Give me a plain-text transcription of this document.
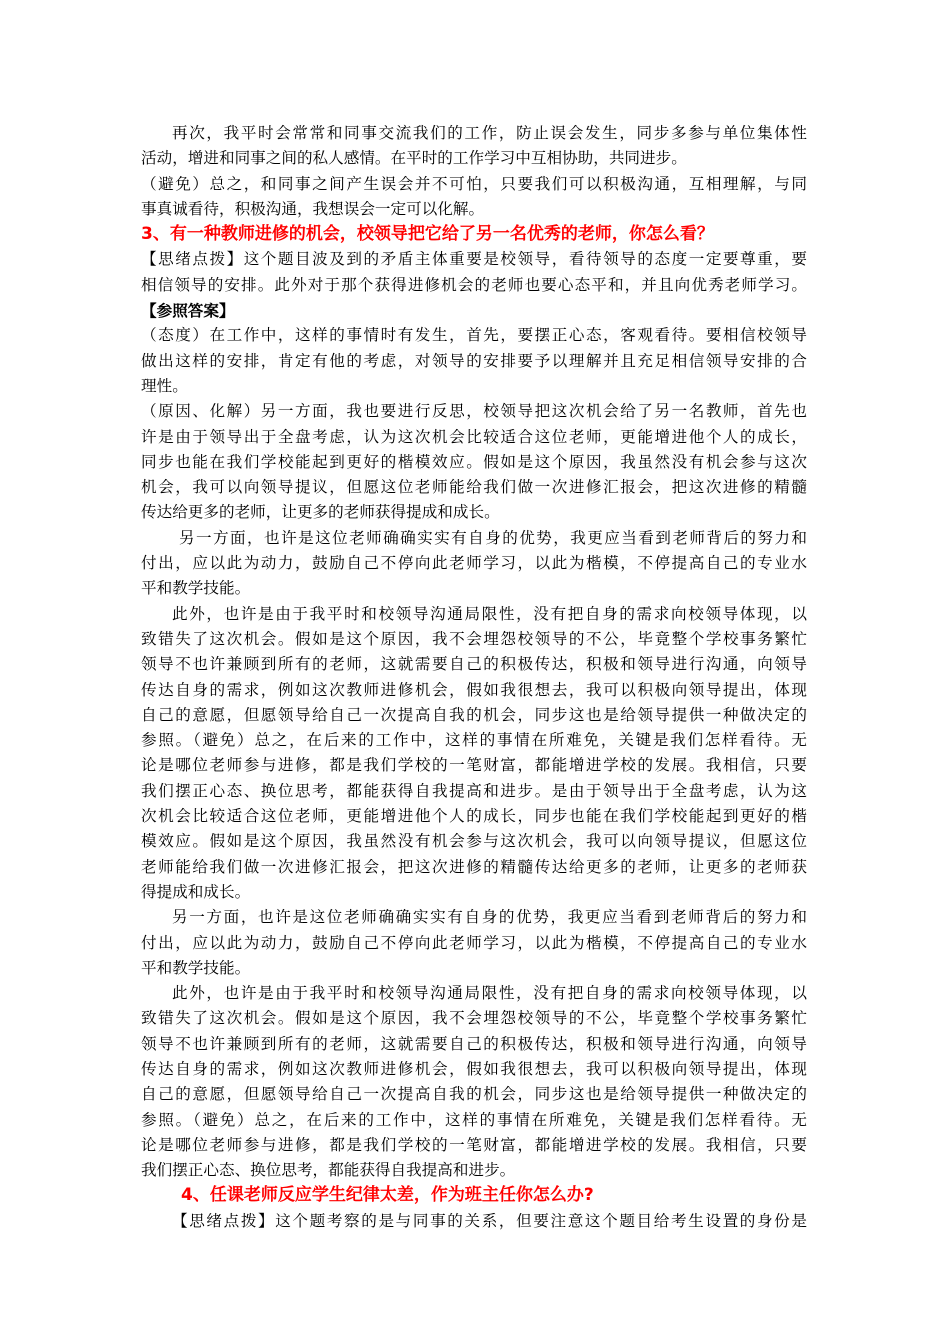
再次，我平时会常常和同事交流我们的工作，防止误会发生，同步多参与单位集体性
活动，增进和同事之间的私人感情。在平时的工作学习中互相协助，共同进步。
（避免）总之，和同事之间产生误会并不可怕，只要我们可以积极沟通，互相理解，与同
事真诚看待，积极沟通，我想误会一定可以化解。
3、有一种教师进修的机会，校领导把它给了另一名优秀的老师，你怎么看？
【思绪点拨】这个题目波及到的矛盾主体重要是校领导，看待领导的态度一定要尊重，要
相信领导的安排。此外对于那个获得进修机会的老师也要心态平和，并且向优秀老师学习。
【参照答案】
（态度）在工作中，这样的事情时有发生，首先，要摆正心态，客观看待。要相信校领导
做出这样的安排，肯定有他的考虑，对领导的安排要予以理解并且充足相信领导安排的合
理性。
（原因、化解）另一方面，我也要进行反思，校领导把这次机会给了另一名教师，首先也
许是由于领导出于全盘考虑，认为这次机会比较适合这位老师，更能增进他个人的成长，
同步也能在我们学校能起到更好的楷模效应。假如是这个原因，我虽然没有机会参与这次
机会，我可以向领导提议，但愿这位老师能给我们做一次进修汇报会，把这次进修的精髓
传达给更多的老师，让更多的老师获得提成和成长。
另一方面，也许是这位老师确确实实有自身的优势，我更应当看到老师背后的努力和
付出，应以此为动力，鼓励自己不停向此老师学习，以此为楷模，不停提高自己的专业水
平和教学技能。
此外，也许是由于我平时和校领导沟通局限性，没有把自身的需求向校领导体现，以
致错失了这次机会。假如是这个原因，我不会埋怨校领导的不公，毕竟整个学校事务繁忙
领导不也许兼顾到所有的老师，这就需要自己的积极传达，积极和领导进行沟通，向领导
传达自身的需求，例如这次教师进修机会，假如我很想去，我可以积极向领导提出，体现
自己的意愿，但愿领导给自己一次提高自我的机会，同步这也是给领导提供一种做决定的
参照。（避免）总之，在后来的工作中，这样的事情在所难免，关键是我们怎样看待。无
论是哪位老师参与进修，都是我们学校的一笔财富，都能增进学校的发展。我相信，只要
我们摆正心态、换位思考，都能获得自我提高和进步。是由于领导出于全盘考虑，认为这
次机会比较适合这位老师，更能增进他个人的成长，同步也能在我们学校能起到更好的楷
模效应。假如是这个原因，我虽然没有机会参与这次机会，我可以向领导提议，但愿这位
老师能给我们做一次进修汇报会，把这次进修的精髓传达给更多的老师，让更多的老师获
得提成和成长。
另一方面，也许是这位老师确确实实有自身的优势，我更应当看到老师背后的努力和
付出，应以此为动力，鼓励自己不停向此老师学习，以此为楷模，不停提高自己的专业水
平和教学技能。
此外，也许是由于我平时和校领导沟通局限性，没有把自身的需求向校领导体现，以
致错失了这次机会。假如是这个原因，我不会埋怨校领导的不公，毕竟整个学校事务繁忙
领导不也许兼顾到所有的老师，这就需要自己的积极传达，积极和领导进行沟通，向领导
传达自身的需求，例如这次教师进修机会，假如我很想去，我可以积极向领导提出，体现
自己的意愿，但愿领导给自己一次提高自我的机会，同步这也是给领导提供一种做决定的
参照。（避免）总之，在后来的工作中，这样的事情在所难免，关键是我们怎样看待。无
论是哪位老师参与进修，都是我们学校的一笔财富，都能增进学校的发展。我相信，只要
我们摆正心态、换位思考，都能获得自我提高和进步。
4、任课老师反应学生纪律太差，作为班主任你怎么办?
【思绪点拨】这个题考察的是与同事的关系，但要注意这个题目给考生设置的身份是
